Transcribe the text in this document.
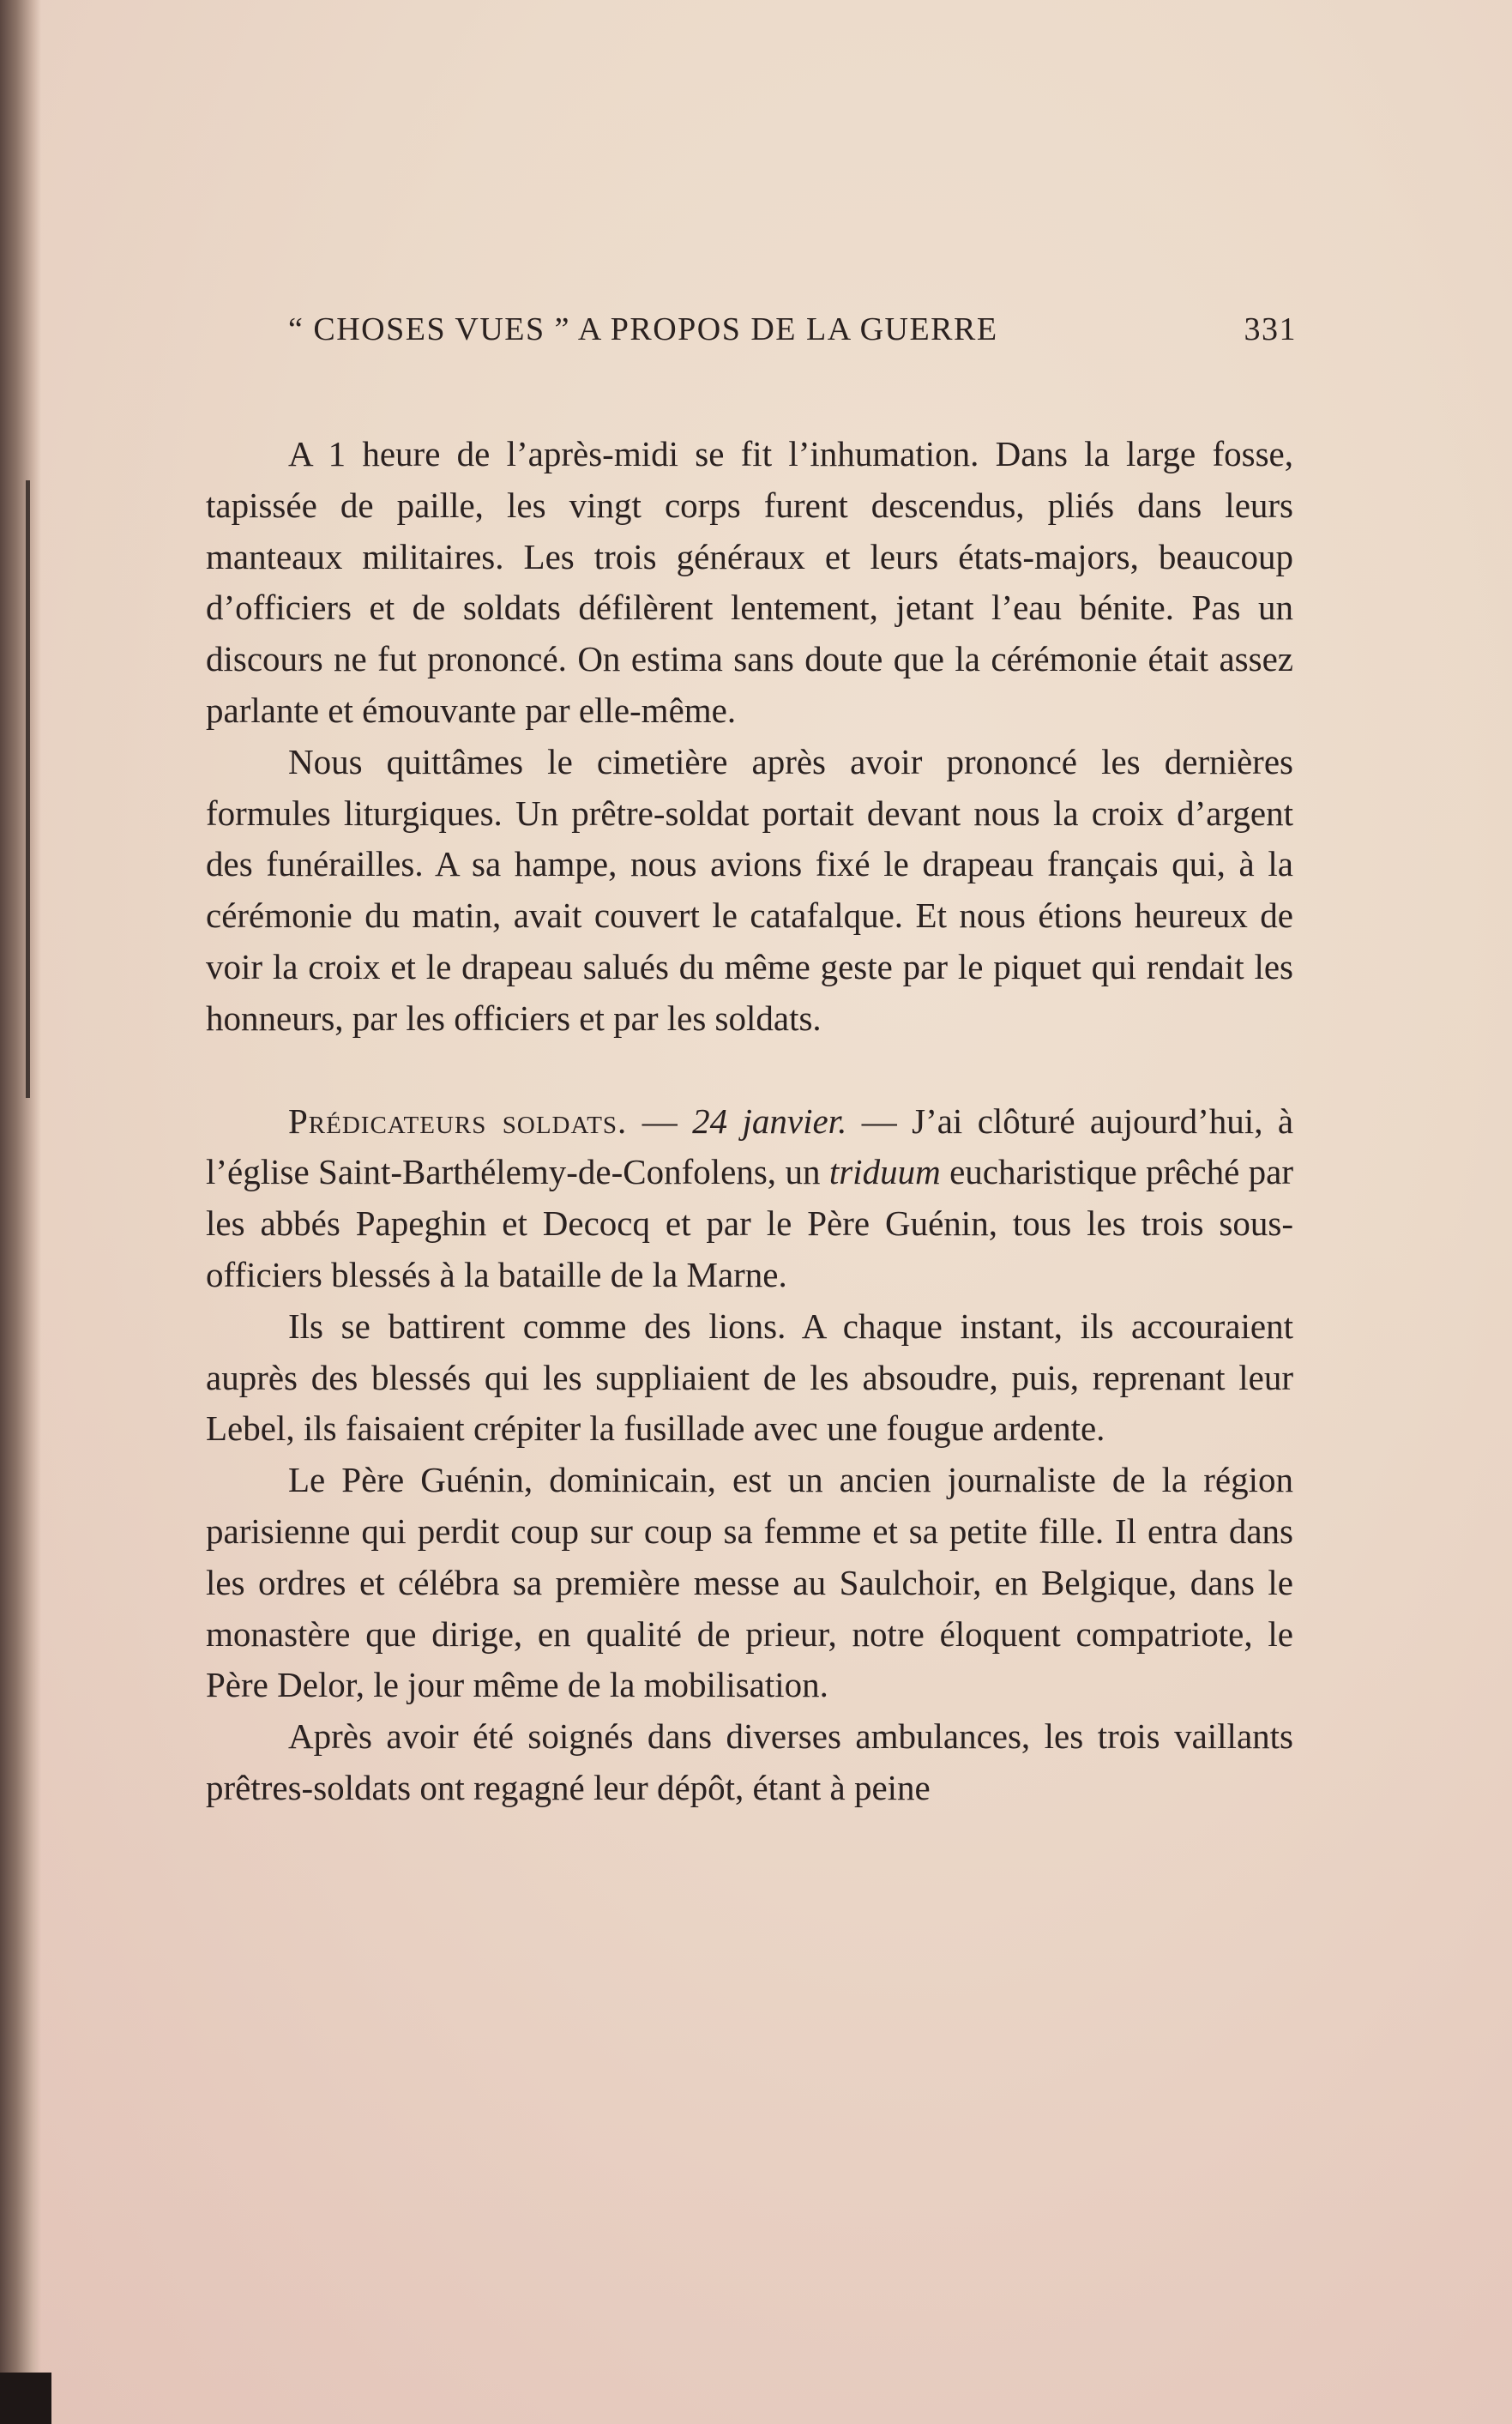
“ CHOSES VUES ” A PROPOS DE LA GUERRE	331

A 1 heure de l’après-midi se fit l’inhumation. Dans la large fosse, tapissée de paille, les vingt corps furent descendus, pliés dans leurs manteaux militaires. Les trois généraux et leurs états-majors, beaucoup d’officiers et de soldats défilèrent lentement, jetant l’eau bénite. Pas un discours ne fut prononcé. On estima sans doute que la cérémonie était assez parlante et émouvante par elle-même.

Nous quittâmes le cimetière après avoir prononcé les dernières formules liturgiques. Un prêtre-soldat portait devant nous la croix d’argent des funérailles. A sa hampe, nous avions fixé le drapeau français qui, à la cérémonie du matin, avait couvert le catafalque. Et nous étions heureux de voir la croix et le drapeau salués du même geste par le piquet qui rendait les honneurs, par les officiers et par les soldats.

Prédicateurs soldats. — 24 janvier. — J’ai clôturé aujourd’hui, à l’église Saint-Barthélemy-de-Confolens, un triduum eucharistique prêché par les abbés Papeghin et Decocq et par le Père Guénin, tous les trois sous-officiers blessés à la bataille de la Marne.

Ils se battirent comme des lions. A chaque instant, ils accouraient auprès des blessés qui les suppliaient de les absoudre, puis, reprenant leur Lebel, ils faisaient crépiter la fusillade avec une fougue ardente.

Le Père Guénin, dominicain, est un ancien journaliste de la région parisienne qui perdit coup sur coup sa femme et sa petite fille. Il entra dans les ordres et célébra sa première messe au Saulchoir, en Belgique, dans le monastère que dirige, en qualité de prieur, notre éloquent compatriote, le Père Delor, le jour même de la mobilisation.

Après avoir été soignés dans diverses ambulances, les trois vaillants prêtres-soldats ont regagné leur dépôt, étant à peine
